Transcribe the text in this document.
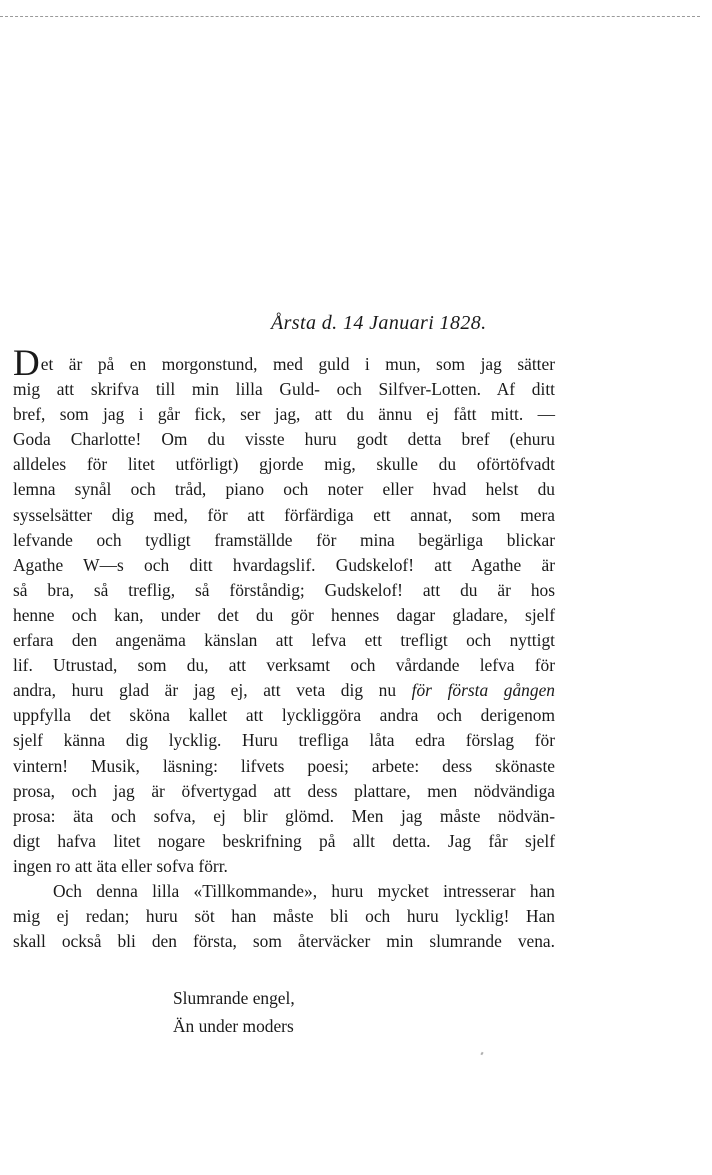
Årsta d. 14 Januari 1828.
Det är på en morgonstund, med guld i mun, som jag sätter
mig att skrifva till min lilla Guld- och Silfver-Lotten. Af ditt
bref, som jag i går fick, ser jag, att du ännu ej fått mitt. —
Goda Charlotte! Om du visste huru godt detta bref (ehuru
alldeles för litet utförligt) gjorde mig, skulle du oförtöfvadt
lemna synål och tråd, piano och noter eller hvad helst du
sysselsätter dig med, för att förfärdiga ett annat, som mera
lefvande och tydligt framställde för mina begärliga blickar
Agathe W—s och ditt hvardagslif. Gudskelof! att Agathe är
så bra, så treflig, så förståndig; Gudskelof! att du är hos
henne och kan, under det du gör hennes dagar gladare, sjelf
erfara den angenäma känslan att lefva ett trefligt och nyttigt
lif. Utrustad, som du, att verksamt och vårdande lefva för
andra, huru glad är jag ej, att veta dig nu för första gången
uppfylla det sköna kallet att lyckliggöra andra och derigenom
sjelf känna dig lycklig. Huru trefliga låta edra förslag för
vintern! Musik, läsning: lifvets poesi; arbete: dess skönaste
prosa, och jag är öfvertygad att dess plattare, men nödvändiga
prosa: äta och sofva, ej blir glömd. Men jag måste nödvän-
digt hafva litet nogare beskrifning på allt detta. Jag får sjelf
ingen ro att äta eller sofva förr.
Och denna lilla «Tillkommande», huru mycket intresserar han
mig ej redan; huru söt han måste bli och huru lycklig! Han
skall också bli den första, som återväcker min slumrande vena.
Slumrande engel,
Än under moders
